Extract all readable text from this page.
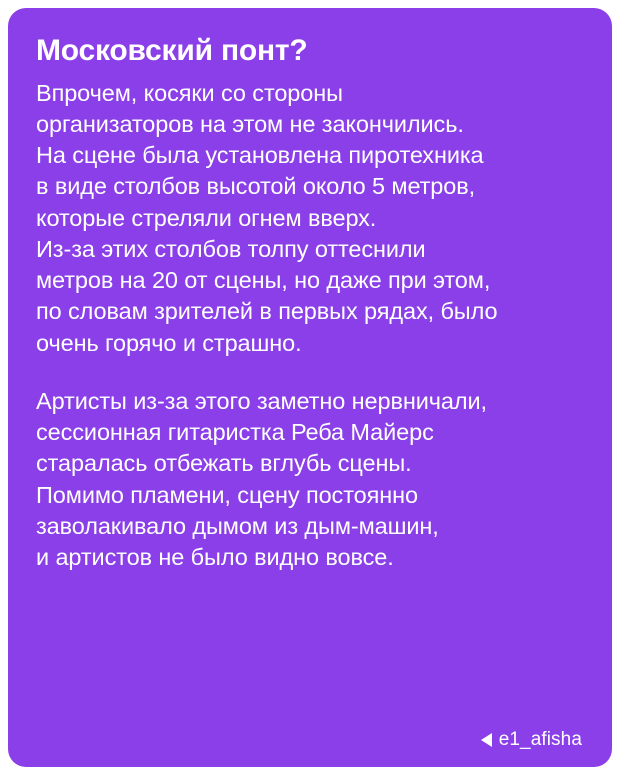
Московский понт?

Впрочем, косяки со стороны
организаторов на этом не закончились.
На сцене была установлена пиротехника
в виде столбов высотой около 5 метров,
которые стреляли огнем вверх.
Из-за этих столбов толпу оттеснили
метров на 20 от сцены, но даже при этом,
по словам зрителей в первых рядах, было
очень горячо и страшно.

Артисты из-за этого заметно нервничали,
сессионная гитаристка Реба Майерс
старалась отбежать вглубь сцены.
Помимо пламени, сцену постоянно
заволакивало дымом из дым-машин,
и артистов не было видно вовсе.

e1_afisha
